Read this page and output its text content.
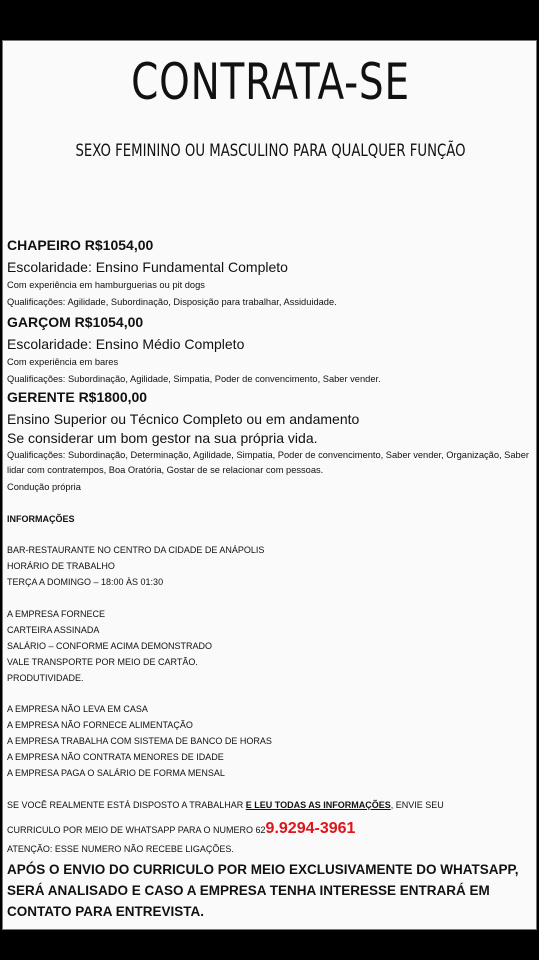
CONTRATA-SE
SEXO FEMININO OU MASCULINO PARA QUALQUER FUNÇÃO
CHAPEIRO R$1054,00
Escolaridade: Ensino Fundamental Completo
Com experiência em hamburguerias ou pit dogs
Qualificações: Agilidade, Subordinação, Disposição para trabalhar, Assiduidade.
GARÇOM R$1054,00
Escolaridade: Ensino Médio Completo
Com experiência em bares
Qualificações: Subordinação, Agilidade, Simpatia, Poder de convencimento, Saber vender.
GERENTE R$1800,00
Ensino Superior ou Técnico Completo ou em andamento
Se considerar um bom gestor na sua própria vida.
Qualificações: Subordinação, Determinação, Agilidade, Simpatia, Poder de convencimento, Saber vender, Organização, Saber lidar com contratempos, Boa Oratória, Gostar de se relacionar com pessoas.
Condução própria
INFORMAÇÕES
BAR-RESTAURANTE NO CENTRO DA CIDADE DE ANÁPOLIS
HORÁRIO DE TRABALHO
TERÇA A DOMINGO – 18:00 ÀS 01:30
A EMPRESA FORNECE
CARTEIRA ASSINADA
SALÁRIO – CONFORME ACIMA DEMONSTRADO
VALE TRANSPORTE POR MEIO DE CARTÃO.
PRODUTIVIDADE.
A EMPRESA NÃO LEVA EM CASA
A EMPRESA NÃO FORNECE ALIMENTAÇÃO
A EMPRESA TRABALHA COM SISTEMA DE BANCO DE HORAS
A EMPRESA NÃO CONTRATA MENORES DE IDADE
A EMPRESA PAGA O SALÁRIO DE FORMA MENSAL
SE VOCÊ REALMENTE ESTÁ DISPOSTO A TRABALHAR E LEU TODAS AS INFORMAÇÕES, ENVIE SEU
CURRICULO POR MEIO DE WHATSAPP PARA O NUMERO 629.9294-3961
ATENÇÃO: ESSE NUMERO NÃO RECEBE LIGAÇÕES.
APÓS O ENVIO DO CURRICULO POR MEIO EXCLUSIVAMENTE DO WHATSAPP, SERÁ ANALISADO E CASO A EMPRESA TENHA INTERESSE ENTRARÁ EM CONTATO PARA ENTREVISTA.
